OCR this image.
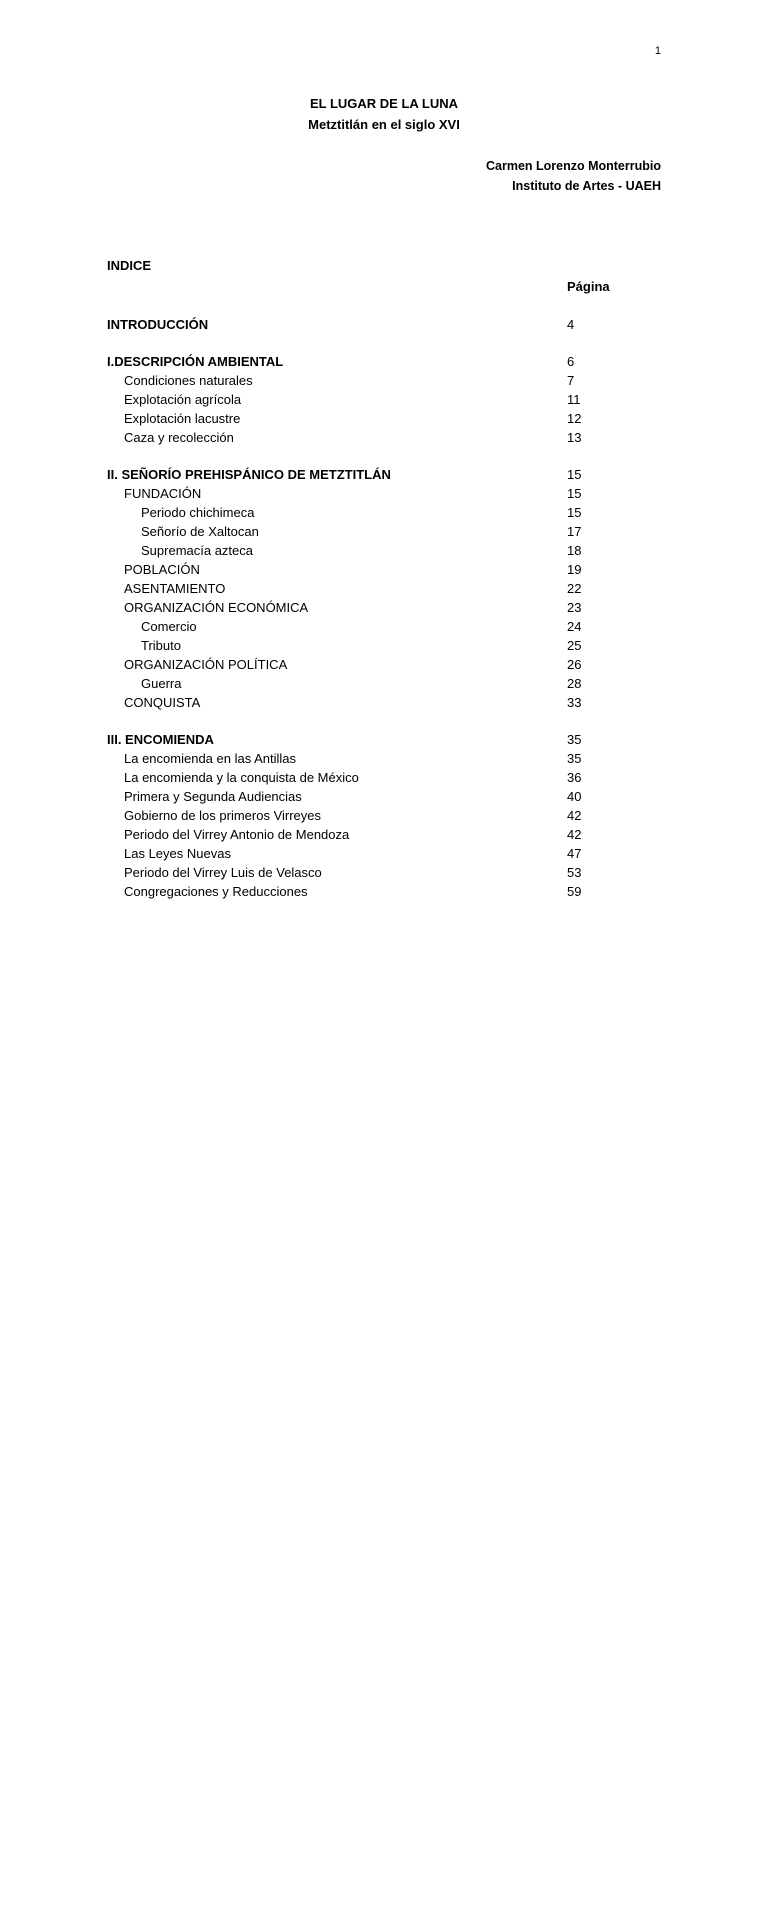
1
EL LUGAR DE LA LUNA
Metztitlán en el siglo XVI
Carmen Lorenzo Monterrubio
Instituto de Artes - UAEH
INDICE
Página
INTRODUCCIÓN	4
I.DESCRIPCIÓN AMBIENTAL	6
Condiciones naturales	7
Explotación agrícola	11
Explotación lacustre	12
Caza y recolección	13
II. SEÑORÍO PREHISPÁNICO DE METZTITLÁN	15
FUNDACIÓN	15
Periodo chichimeca	15
Señorío de Xaltocan	17
Supremacía azteca	18
POBLACIÓN	19
ASENTAMIENTO	22
ORGANIZACIÓN ECONÓMICA	23
Comercio	24
Tributo	25
ORGANIZACIÓN POLÍTICA	26
Guerra	28
CONQUISTA	33
III. ENCOMIENDA	35
La encomienda en las Antillas	35
La encomienda y la conquista de México	36
Primera y Segunda Audiencias	40
Gobierno de los primeros Virreyes	42
Periodo del Virrey Antonio de Mendoza	42
Las Leyes Nuevas	47
Periodo del Virrey Luis de Velasco	53
Congregaciones y Reducciones	59
